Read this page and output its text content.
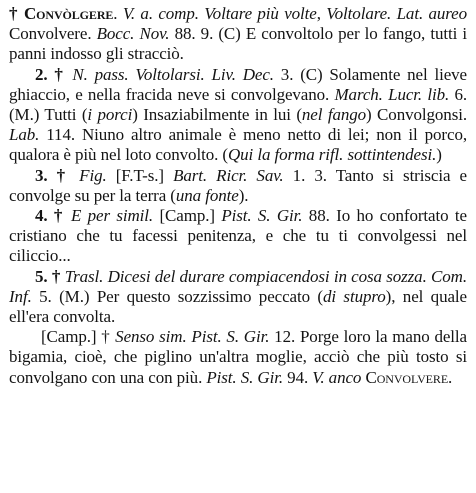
† Convòlgere. V. a. comp. Voltare più volte, Voltolare. Lat. aureo Convolvere. Bocc. Nov. 88. 9. (C) E convoltolo per lo fango, tutti i panni indosso gli stracciò.

2. † N. pass. Voltolarsi. Liv. Dec. 3. (C) Solamente nel lieve ghiaccio, e nella fracida neve si convolgevano. March. Lucr. lib. 6. (M.) Tutti (i porci) Insaziabilmente in lui (nel fango) Convolgonsi. Lab. 114. Niuno altro animale è meno netto di lei; non il porco, qualora è più nel loto convolto. (Qui la forma rifl. sottintendesi.)

3. † Fig. [F.T-s.] Bart. Ricr. Sav. 1. 3. Tanto si striscia e convolge su per la terra (una fonte).

4. † E per simil. [Camp.] Pist. S. Gir. 88. Io ho confortato te cristiano che tu facessi penitenza, e che tu ti convolgessi nel ciliccio...

5. † Trasl. Dicesi del durare compiacendosi in cosa sozza. Com. Inf. 5. (M.) Per questo sozzissimo peccato (di stupro), nel quale ell'era convolta.

[Camp.] † Senso sim. Pist. S. Gir. 12. Porge loro la mano della bigamia, cioè, che piglino un'altra moglie, acciò che più tosto si convolgano con una con più. Pist. S. Gir. 94. V. anco Convolvere.
